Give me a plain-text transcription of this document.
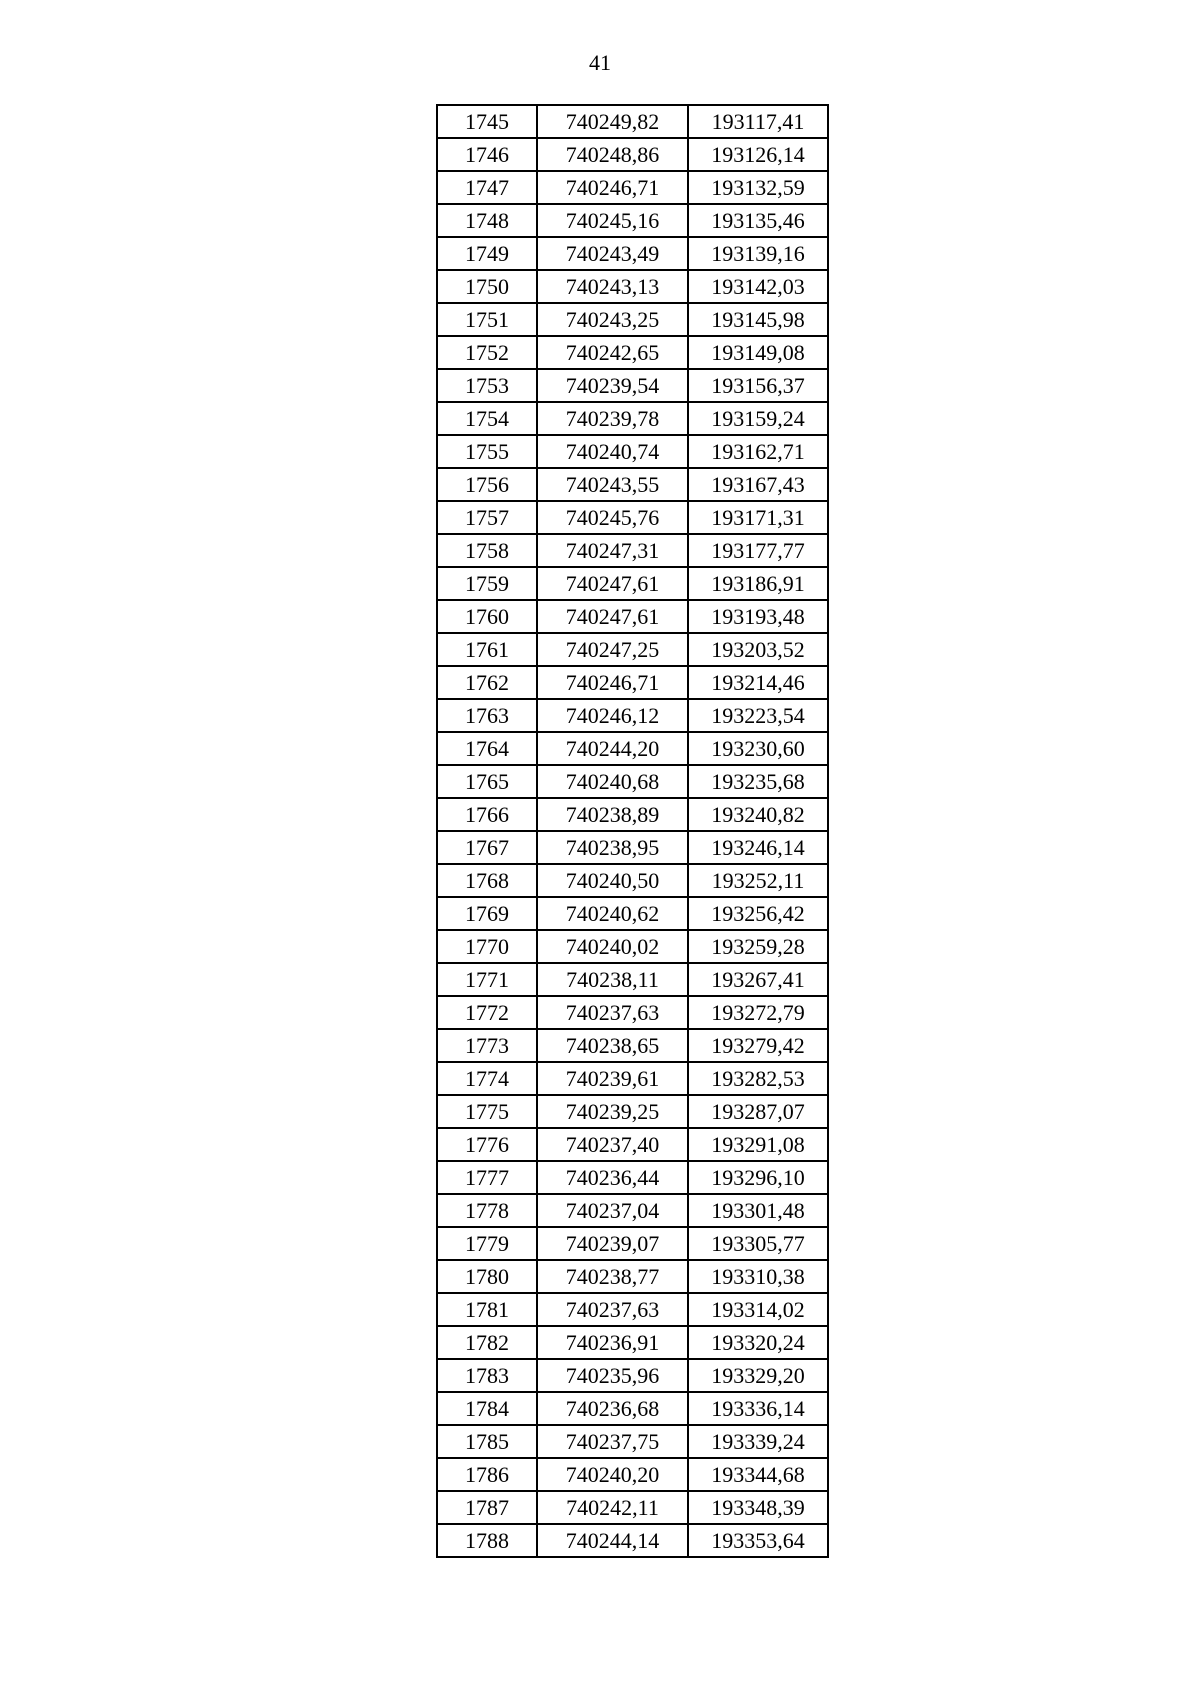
41
1745	740249,82	193117,41
1746	740248,86	193126,14
1747	740246,71	193132,59
1748	740245,16	193135,46
1749	740243,49	193139,16
1750	740243,13	193142,03
1751	740243,25	193145,98
1752	740242,65	193149,08
1753	740239,54	193156,37
1754	740239,78	193159,24
1755	740240,74	193162,71
1756	740243,55	193167,43
1757	740245,76	193171,31
1758	740247,31	193177,77
1759	740247,61	193186,91
1760	740247,61	193193,48
1761	740247,25	193203,52
1762	740246,71	193214,46
1763	740246,12	193223,54
1764	740244,20	193230,60
1765	740240,68	193235,68
1766	740238,89	193240,82
1767	740238,95	193246,14
1768	740240,50	193252,11
1769	740240,62	193256,42
1770	740240,02	193259,28
1771	740238,11	193267,41
1772	740237,63	193272,79
1773	740238,65	193279,42
1774	740239,61	193282,53
1775	740239,25	193287,07
1776	740237,40	193291,08
1777	740236,44	193296,10
1778	740237,04	193301,48
1779	740239,07	193305,77
1780	740238,77	193310,38
1781	740237,63	193314,02
1782	740236,91	193320,24
1783	740235,96	193329,20
1784	740236,68	193336,14
1785	740237,75	193339,24
1786	740240,20	193344,68
1787	740242,11	193348,39
1788	740244,14	193353,64
